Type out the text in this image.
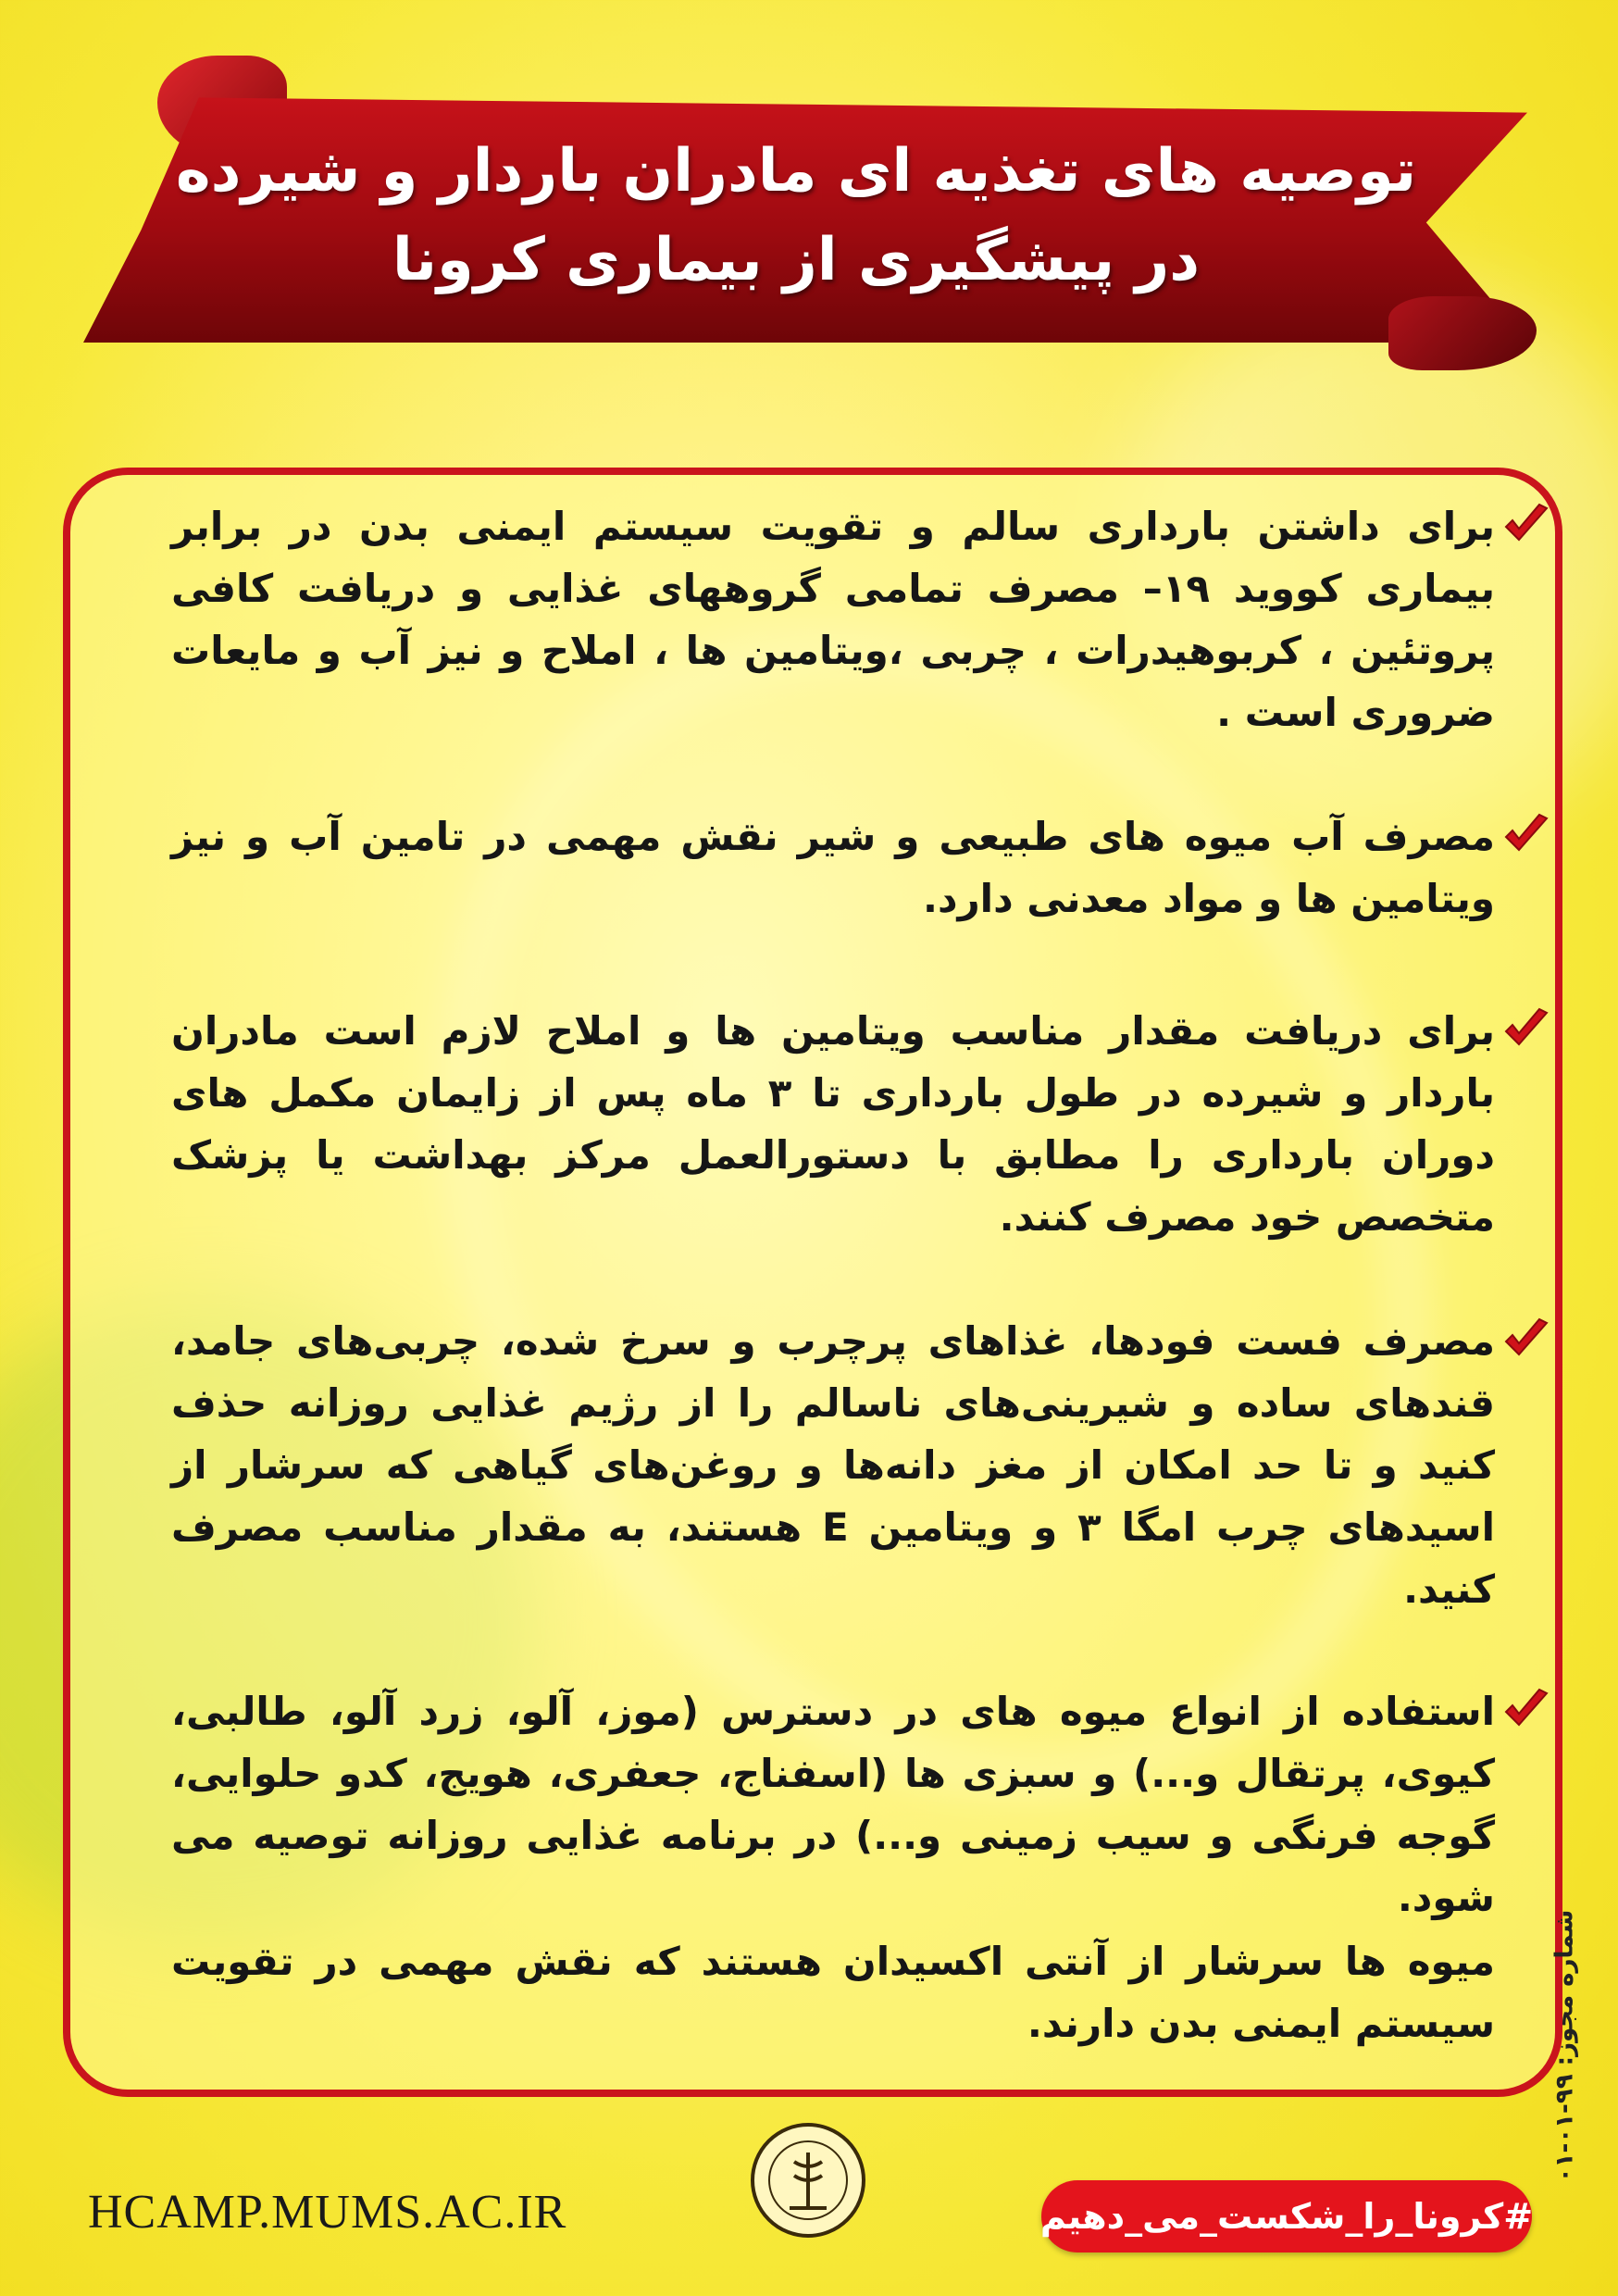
توصیه های تغذیه ای مادران باردار و شیرده
در پیشگیری از بیماری کرونا

برای داشتن بارداری سالم و تقویت سیستم ایمنی بدن در برابر بیماری کووید ۱۹– مصرف تمامی گروههای غذایی و دریافت کافی پروتئین ، کربوهیدرات ، چربی ،ویتامین ها ، املاح و نیز آب و مایعات ضروری است .

مصرف آب میوه های طبیعی و شیر نقش مهمی در تامین آب و نیز ویتامین ها و مواد معدنی دارد.

برای دریافت مقدار مناسب ویتامین ها و املاح لازم است مادران باردار و شیرده در طول بارداری تا ۳ ماه پس از زایمان مکمل های دوران بارداری را مطابق با دستورالعمل مرکز بهداشت یا پزشک متخصص خود مصرف کنند.

مصرف فست فودها، غذاهای پرچرب و سرخ شده، چربی‌های جامد، قندهای ساده و شیرینی‌های ناسالم را از رژیم غذایی روزانه حذف کنید و تا حد امکان از مغز دانه‌ها و روغن‌های گیاهی که سرشار از اسیدهای چرب امگا ۳ و ویتامین E هستند، به مقدار مناسب مصرف کنید.

استفاده از انواع میوه های در دسترس (موز، آلو، زرد آلو، طالبی، کیوی، پرتقال و...) و سبزی ها (اسفناج، جعفری، هویج، کدو حلوایی، گوجه فرنگی و سیب زمینی و...) در برنامه غذایی روزانه توصیه می شود.

میوه ها سرشار از آنتی اکسیدان هستند که نقش مهمی در تقویت سیستم ایمنی بدن دارند.

شماره مجوز: ۹۹-۰۱-۰۱
HCAMP.MUMS.AC.IR	#کرونا_را_شکست_می_دهیم
